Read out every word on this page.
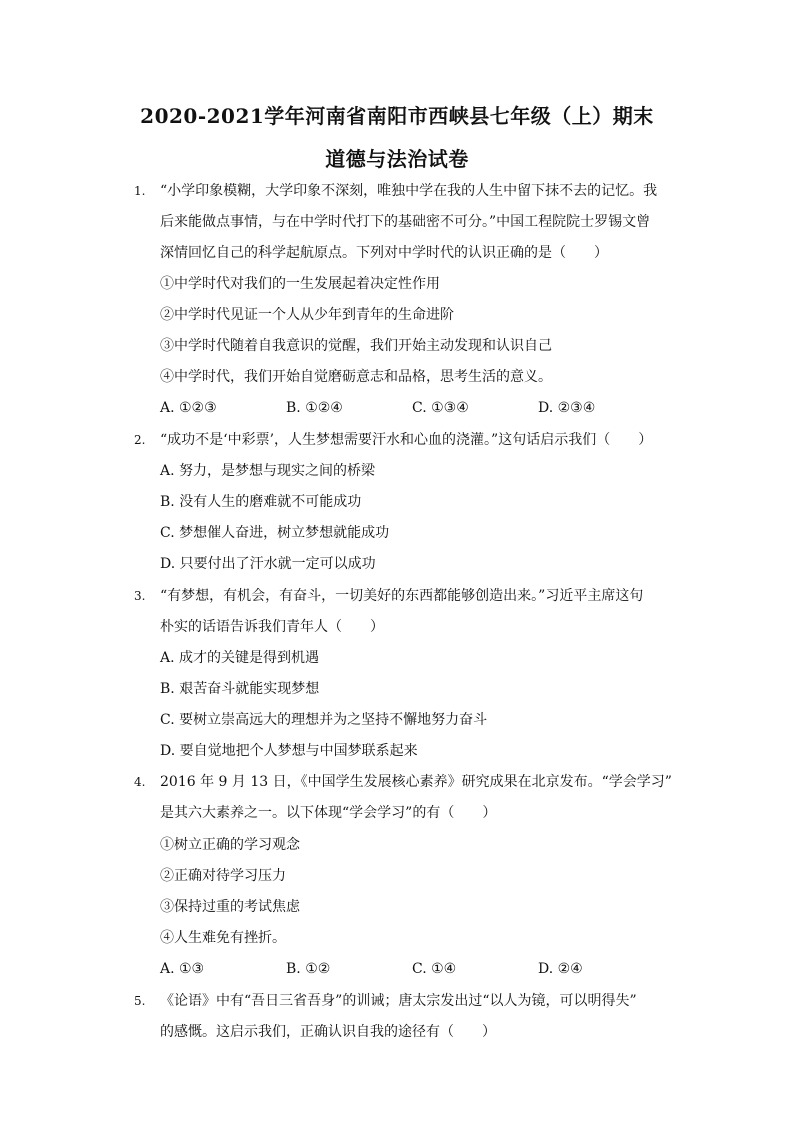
2020-2021学年河南省南阳市西峡县七年级（上）期末
道德与法治试卷
1. “小学印象模糊，大学印象不深刻，唯独中学在我的人生中留下抹不去的记忆。我
后来能做点事情，与在中学时代打下的基础密不可分。”中国工程院院士罗锡文曾
深情回忆自己的科学起航原点。下列对中学时代的认识正确的是（　　）
①中学时代对我们的一生发展起着决定性作用
②中学时代见证一个人从少年到青年的生命进阶
③中学时代随着自我意识的觉醒，我们开始主动发现和认识自己
④中学时代，我们开始自觉磨砺意志和品格，思考生活的意义。
A. ①②③	B. ①②④	C. ①③④	D. ②③④
2. “成功不是‘中彩票’，人生梦想需要汗水和心血的浇灌。”这句话启示我们（　　）
A. 努力，是梦想与现实之间的桥梁
B. 没有人生的磨难就不可能成功
C. 梦想催人奋进，树立梦想就能成功
D. 只要付出了汗水就一定可以成功
3. “有梦想，有机会，有奋斗，一切美好的东西都能够创造出来。”习近平主席这句
朴实的话语告诉我们青年人（　　）
A. 成才的关键是得到机遇
B. 艰苦奋斗就能实现梦想
C. 要树立崇高远大的理想并为之坚持不懈地努力奋斗
D. 要自觉地把个人梦想与中国梦联系起来
4. 2016 年 9 月 13 日，《中国学生发展核心素养》研究成果在北京发布。“学会学习”
是其六大素养之一。以下体现“学会学习”的有（　　）
①树立正确的学习观念
②正确对待学习压力
③保持过重的考试焦虑
④人生难免有挫折。
A. ①③	B. ①②	C. ①④	D. ②④
5. 《论语》中有“吾日三省吾身”的训诫；唐太宗发出过“以人为镜，可以明得失”
的感慨。这启示我们，正确认识自我的途径有（　　）
